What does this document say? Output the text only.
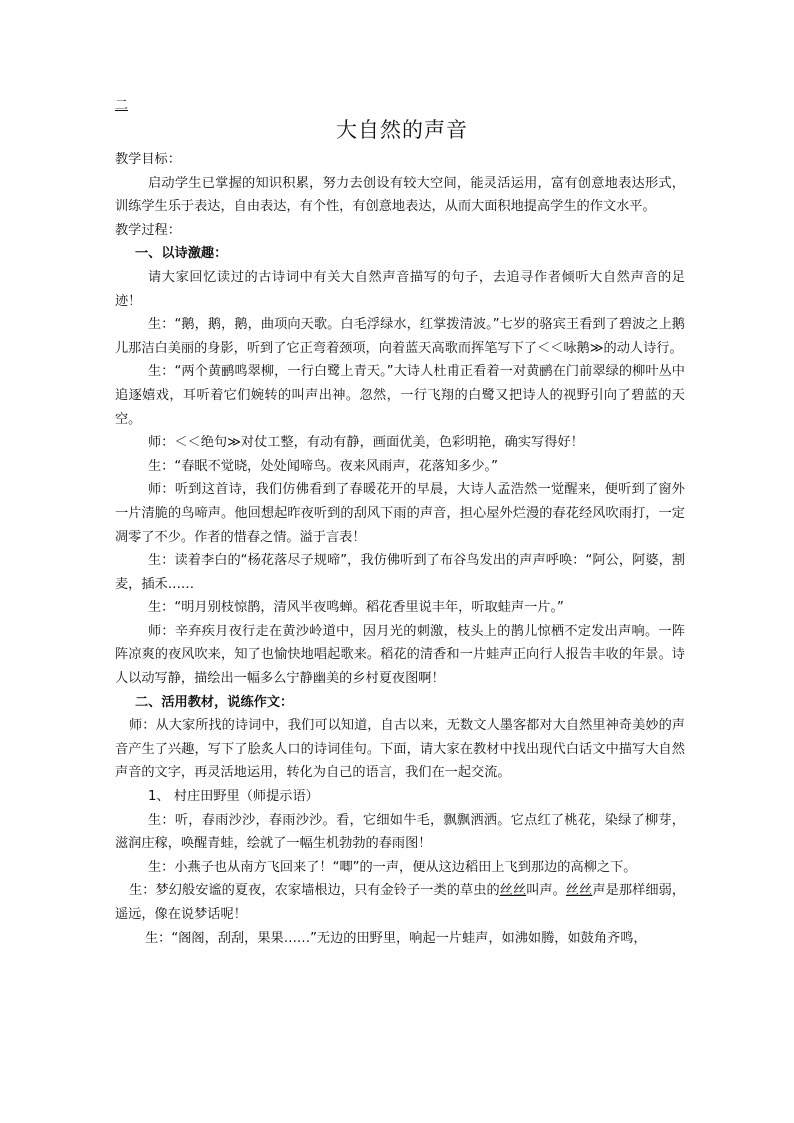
二
大自然的声音

教学目标：

启动学生已掌握的知识积累，努力去创设有较大空间，能灵活运用，富有创意地表达形式，训练学生乐于表达，自由表达，有个性，有创意地表达，从而大面积地提高学生的作文水平。

教学过程：

一、以诗激趣：

请大家回忆读过的古诗词中有关大自然声音描写的句子，去追寻作者倾听大自然声音的足迹！

生：“鹅，鹅，鹅，曲项向天歌。白毛浮绿水，红掌拨清波。”七岁的骆宾王看到了碧波之上鹅儿那洁白美丽的身影，听到了它正弯着颈项，向着蓝天高歌而挥笔写下了＜＜咏鹅≫的动人诗行。

生：“两个黄鹂鸣翠柳，一行白鹭上青天。”大诗人杜甫正看着一对黄鹂在门前翠绿的柳叶丛中追逐嬉戏，耳听着它们婉转的叫声出神。忽然，一行飞翔的白鹭又把诗人的视野引向了碧蓝的天空。

师：＜＜绝句≫对仗工整，有动有静，画面优美，色彩明艳，确实写得好！

生：“春眠不觉晓，处处闻啼鸟。夜来风雨声，花落知多少。”

师：听到这首诗，我们仿佛看到了春暖花开的早晨，大诗人孟浩然一觉醒来，便听到了窗外一片清脆的鸟啼声。他回想起昨夜听到的刮风下雨的声音，担心屋外烂漫的春花经风吹雨打，一定凋零了不少。作者的惜春之情。溢于言表！

生：读着李白的“杨花落尽子规啼”，我仿佛听到了布谷鸟发出的声声呼唤：“阿公，阿婆，割麦，插禾……

生：“明月别枝惊鹊，清风半夜鸣蝉。稻花香里说丰年，听取蛙声一片。”

师：辛弃疾月夜行走在黄沙岭道中，因月光的刺激，枝头上的鹊儿惊栖不定发出声响。一阵阵凉爽的夜风吹来，知了也愉快地唱起歌来。稻花的清香和一片蛙声正向行人报告丰收的年景。诗人以动写静，描绘出一幅多么宁静幽美的乡村夏夜图啊！

二、活用教材，说练作文：

师：从大家所找的诗词中，我们可以知道，自古以来，无数文人墨客都对大自然里神奇美妙的声音产生了兴趣，写下了脍炙人口的诗词佳句。下面，请大家在教材中找出现代白话文中描写大自然声音的文字，再灵活地运用，转化为自己的语言，我们在一起交流。

1、 村庄田野里（师提示语）

生：听，春雨沙沙，春雨沙沙。看，它细如牛毛，飘飘洒洒。它点红了桃花，染绿了柳芽，滋润庄稼，唤醒青蛙，绘就了一幅生机勃勃的春雨图！

生：小燕子也从南方飞回来了！“唧”的一声，便从这边稻田上飞到那边的高柳之下。

生：梦幻般安谧的夏夜，农家墙根边，只有金铃子一类的草虫的丝丝叫声。丝丝声是那样细弱，遥远，像在说梦话呢！

生：“阁阁，刮刮，果果……”无边的田野里，响起一片蛙声，如沸如腾，如鼓角齐鸣，
